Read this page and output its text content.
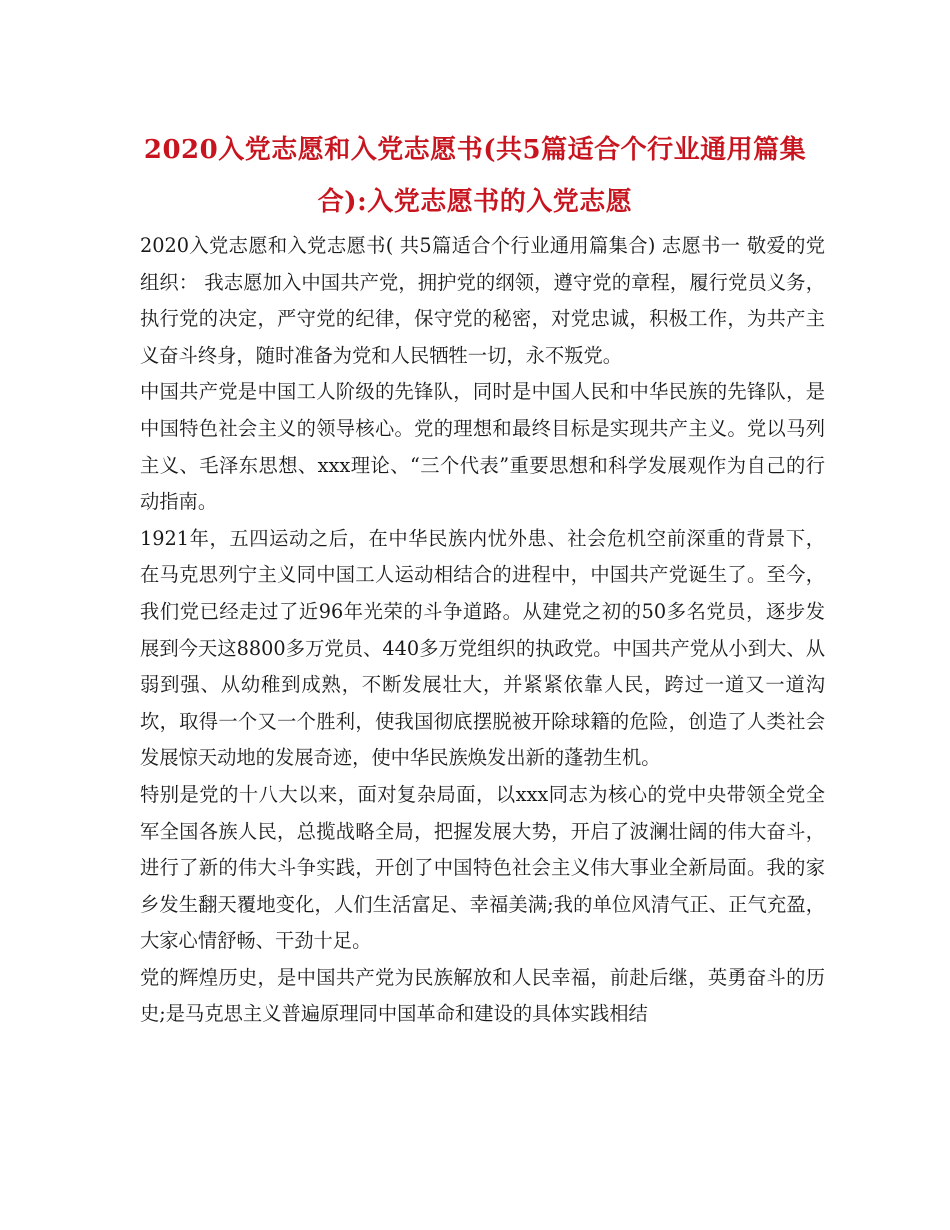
2020入党志愿和入党志愿书(共5篇适合个行业通用篇集合):入党志愿书的入党志愿

2020入党志愿和入党志愿书( 共5篇适合个行业通用篇集合) 志愿书一 敬爱的党组织： 我志愿加入中国共产党，拥护党的纲领，遵守党的章程，履行党员义务，执行党的决定，严守党的纪律，保守党的秘密，对党忠诚，积极工作，为共产主义奋斗终身，随时准备为党和人民牺牲一切，永不叛党。

中国共产党是中国工人阶级的先锋队，同时是中国人民和中华民族的先锋队，是中国特色社会主义的领导核心。党的理想和最终目标是实现共产主义。党以马列主义、毛泽东思想、xxx理论、“三个代表”重要思想和科学发展观作为自己的行动指南。

1921年，五四运动之后，在中华民族内忧外患、社会危机空前深重的背景下，在马克思列宁主义同中国工人运动相结合的进程中，中国共产党诞生了。至今，我们党已经走过了近96年光荣的斗争道路。从建党之初的50多名党员，逐步发展到今天这8800多万党员、440多万党组织的执政党。中国共产党从小到大、从弱到强、从幼稚到成熟，不断发展壮大，并紧紧依靠人民，跨过一道又一道沟坎，取得一个又一个胜利，使我国彻底摆脱被开除球籍的危险，创造了人类社会发展惊天动地的发展奇迹，使中华民族焕发出新的蓬勃生机。

特别是党的十八大以来，面对复杂局面，以xxx同志为核心的党中央带领全党全军全国各族人民，总揽战略全局，把握发展大势，开启了波澜壮阔的伟大奋斗，进行了新的伟大斗争实践，开创了中国特色社会主义伟大事业全新局面。我的家乡发生翻天覆地变化，人们生活富足、幸福美满;我的单位风清气正、正气充盈，大家心情舒畅、干劲十足。

党的辉煌历史，是中国共产党为民族解放和人民幸福，前赴后继，英勇奋斗的历史;是马克思主义普遍原理同中国革命和建设的具体实践相结
